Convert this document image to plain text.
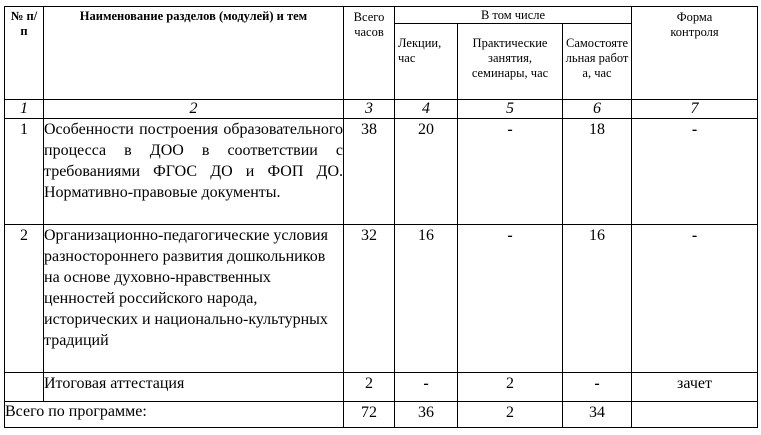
№ п/п	Наименование разделов (модулей) и тем	Всего часов	В том числе			Форма контроля
			Лекции, час	Практические занятия, семинары, час	Самостоятельная работа, час	
1	2	3	4	5	6	7
1	Особенности построения образовательного процесса в ДОО в соответствии с требованиями ФГОС ДО и ФОП ДО. Нормативно-правовые документы.	38	20	-	18	-
2	Организационно-педагогические условия разностороннего развития дошкольников на основе духовно-нравственных ценностей российского народа, исторических и национально-культурных традиций	32	16	-	16	-
	Итоговая аттестация	2	-	2	-	зачет
Всего по программе:		72	36	2	34	
